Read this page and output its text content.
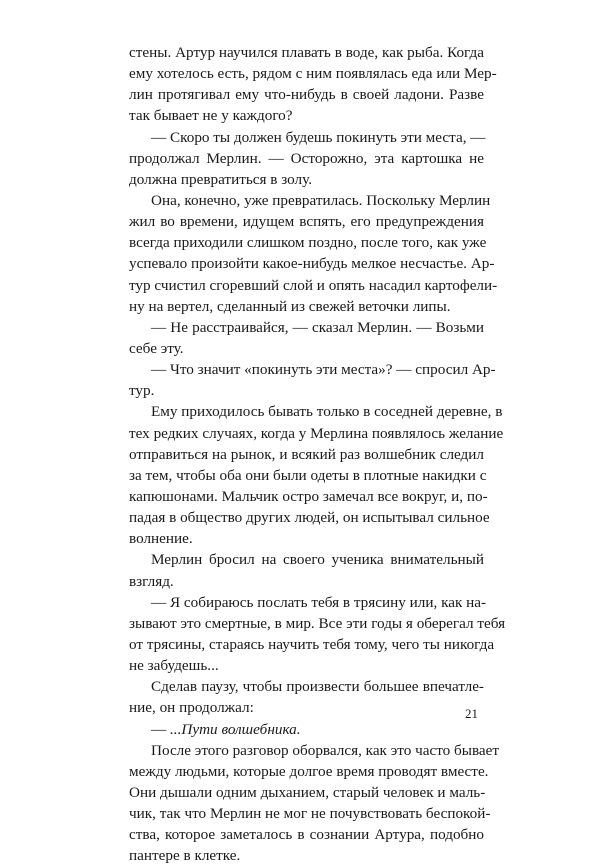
стены. Артур научился плавать в воде, как рыба. Когда
ему хотелось есть, рядом с ним появлялась еда или Мер-
лин протягивал ему что-нибудь в своей ладони. Разве
так бывает не у каждого?
— Скоро ты должен будешь покинуть эти места, —
продолжал Мерлин. — Осторожно, эта картошка не
должна превратиться в золу.
Она, конечно, уже превратилась. Поскольку Мерлин
жил во времени, идущем вспять, его предупреждения
всегда приходили слишком поздно, после того, как уже
успевало произойти какое-нибудь мелкое несчастье. Ар-
тур счистил сгоревший слой и опять насадил картофели-
ну на вертел, сделанный из свежей веточки липы.
— Не расстраивайся, — сказал Мерлин. — Возьми
себе эту.
— Что значит «покинуть эти места»? — спросил Ар-
тур.
Ему приходилось бывать только в соседней деревне, в
тех редких случаях, когда у Мерлина появлялось желание
отправиться на рынок, и всякий раз волшебник следил
за тем, чтобы оба они были одеты в плотные накидки с
капюшонами. Мальчик остро замечал все вокруг, и, по-
падая в общество других людей, он испытывал сильное
волнение.
Мерлин бросил на своего ученика внимательный
взгляд.
— Я собираюсь послать тебя в трясину или, как на-
зывают это смертные, в мир. Все эти годы я оберегал тебя
от трясины, стараясь научить тебя тому, чего ты никогда
не забудешь...
Сделав паузу, чтобы произвести большее впечатле-
ние, он продолжал:
— ...Пути волшебника.
После этого разговор оборвался, как это часто бывает
между людьми, которые долгое время проводят вместе.
Они дышали одним дыханием, старый человек и маль-
чик, так что Мерлин не мог не почувствовать беспокой-
ства, которое заметалось в сознании Артура, подобно
пантере в клетке.
21
